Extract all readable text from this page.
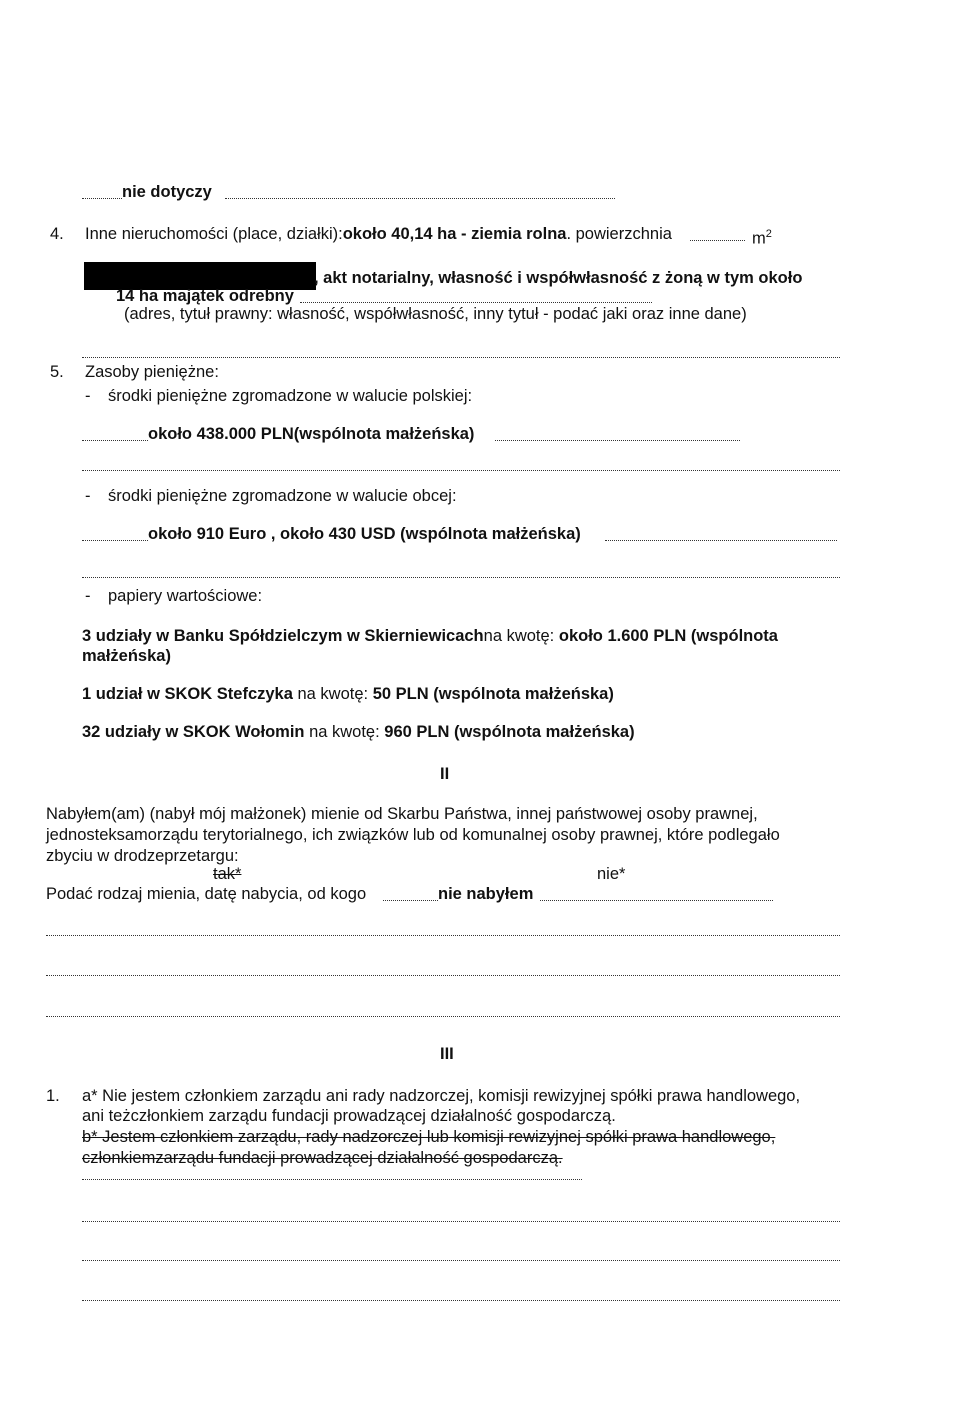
nie dotyczy
4. Inne nieruchomości (place, działki):około 40,14 ha - ziemia rolna. powierzchnia	$m^2$
, akt notarialny, własność i współwłasność z żoną w tym około
14 ha majątek odrebny
(adres, tytuł prawny: własność, współwłasność, inny tytuł - podać jaki oraz inne dane)
5. Zasoby pieniężne:
- środki pieniężne zgromadzone w walucie polskiej:
około 438.000 PLN(wspólnota małżeńska)
- środki pieniężne zgromadzone w walucie obcej:
około 910 Euro , około 430 USD (wspólnota małżeńska)
- papiery wartościowe:
3 udziały w Banku Spółdzielczym w Skierniewicachna kwotę: około 1.600 PLN (wspólnota
małżeńska)
1 udział w SKOK Stefczyka na kwotę: 50 PLN (wspólnota małżeńska)
32 udziały w SKOK Wołomin na kwotę: 960 PLN (wspólnota małżeńska)
II
Nabyłem(am) (nabył mój małżonek) mienie od Skarbu Państwa, innej państwowej osoby prawnej,
jednosteksamorządu terytorialnego, ich związków lub od komunalnej osoby prawnej, które podlegało
zbyciu w drodzeprzetargu:
tak*	nie*
Podać rodzaj mienia, datę nabycia, od kogo	nie nabyłem
III
1. a* Nie jestem członkiem zarządu ani rady nadzorczej, komisji rewizyjnej spółki prawa handlowego,
ani teżczłonkiem zarządu fundacji prowadzącej działalność gospodarczą.
b* Jestem członkiem zarządu, rady nadzorczej lub komisji rewizyjnej spółki prawa handlowego,
członkiemzarządu fundacji prowadzącej działalność gospodarczą.
